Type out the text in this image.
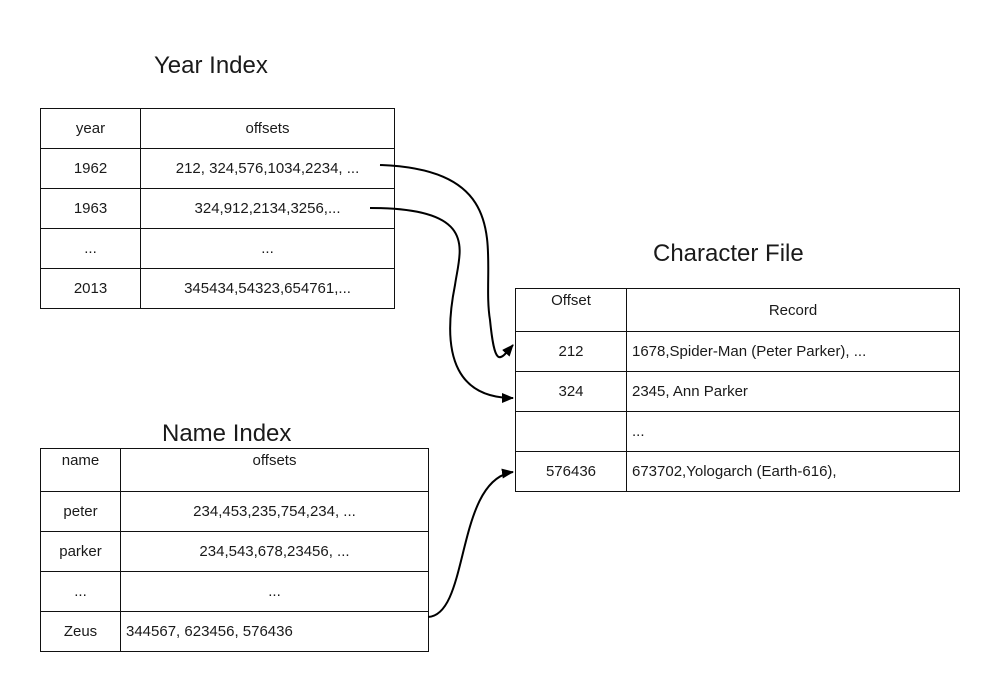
Year Index
year	offsets
1962	212, 324,576,1034,2234, ...
1963	324,912,2134,3256,...
...	...
2013	345434,54323,654761,...
Character File
Offset	Record
212	1678,Spider-Man (Peter Parker), ...
324	2345, Ann Parker
	...
576436	673702,Yologarch (Earth-616),
Name Index
name	offsets
peter	234,453,235,754,234, ...
parker	234,543,678,23456, ...
...	...
Zeus	344567, 623456, 576436
